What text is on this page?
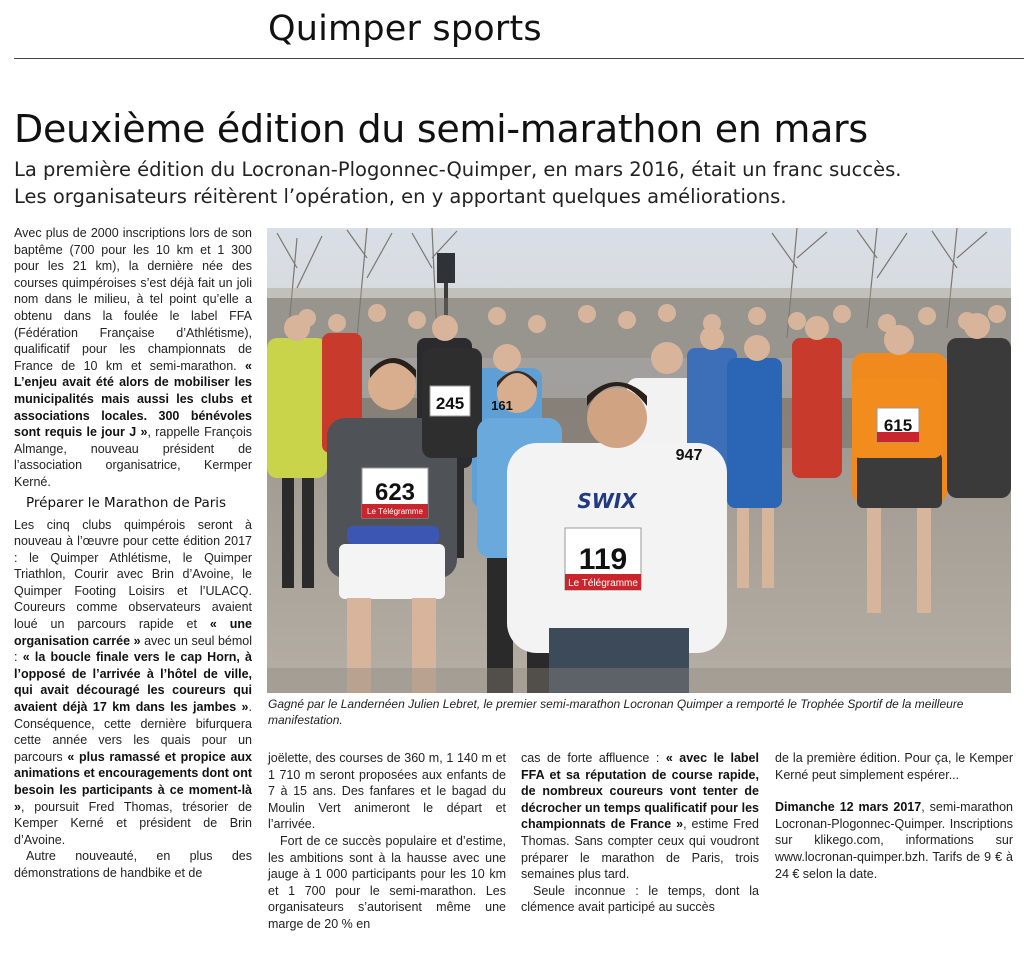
Quimper sports
Deuxième édition du semi-marathon en mars

La première édition du Locronan-Plogonnec-Quimper, en mars 2016, était un franc succès.

Les organisateurs réitèrent l’opération, en y apportant quelques améliorations.

Avec plus de 2000 inscriptions lors de son baptême (700 pour les 10 km et 1 300 pour les 21 km), la dernière née des courses quimpéroises s’est déjà fait un joli nom dans le milieu, à tel point qu’elle a obtenu dans la foulée le label FFA (Fédération Française d’Athlétisme), qualificatif pour les championnats de France de 10 km et semi-marathon. « L’enjeu avait été alors de mobiliser les municipalités mais aussi les clubs et associations locales. 300 bénévoles sont requis le jour J », rappelle François Almange, nouveau président de l’association organisatrice, Kermper Kerné.

Préparer le Marathon de Paris

Les cinq clubs quimpérois seront à nouveau à l’œuvre pour cette édition 2017 : le Quimper Athlétisme, le Quimper Triathlon, Courir avec Brin d’Avoine, le Quimper Footing Loisirs et l’ULACQ. Coureurs comme observateurs avaient loué un parcours rapide et « une organisation carrée » avec un seul bémol : « la boucle finale vers le cap Horn, à l’opposé de l’arrivée à l’hôtel de ville, qui avait découragé les coureurs qui avaient déjà 17 km dans les jambes ». Conséquence, cette dernière bifurquera cette année vers les quais pour un parcours « plus ramassé et propice aux animations et encouragements dont ont besoin les participants à ce moment-là », poursuit Fred Thomas, trésorier de Kemper Kerné et président de Brin d’Avoine.

Autre nouveauté, en plus des démonstrations de handbike et de

623
245 161
615
119
947
Le Télégramme
Le Télégramme
SWIX
Gagné par le Landernéen Julien Lebret, le premier semi-marathon Locronan Quimper a remporté le Trophée Sportif de la meilleure manifestation.

joëlette, des courses de 360 m, 1 140 m et 1 710 m seront proposées aux enfants de 7 à 15 ans. Des fanfares et le bagad du Moulin Vert animeront le départ et l’arrivée.

Fort de ce succès populaire et d’estime, les ambitions sont à la hausse avec une jauge à 1 000 participants pour les 10 km et 1 700 pour le semi-marathon. Les organisateurs s’autorisent même une marge de 20 % en

cas de forte affluence : « avec le label FFA et sa réputation de course rapide, de nombreux coureurs vont tenter de décrocher un temps qualificatif pour les championnats de France », estime Fred Thomas. Sans compter ceux qui voudront préparer le marathon de Paris, trois semaines plus tard.

Seule inconnue : le temps, dont la clémence avait participé au succès

de la première édition. Pour ça, le Kemper Kerné peut simplement espérer...

Dimanche 12 mars 2017, semi-marathon Locronan-Plogonnec-Quimper. Inscriptions sur klikego.com, informations sur www.locronan-quimper.bzh. Tarifs de 9 € à 24 € selon la date.
